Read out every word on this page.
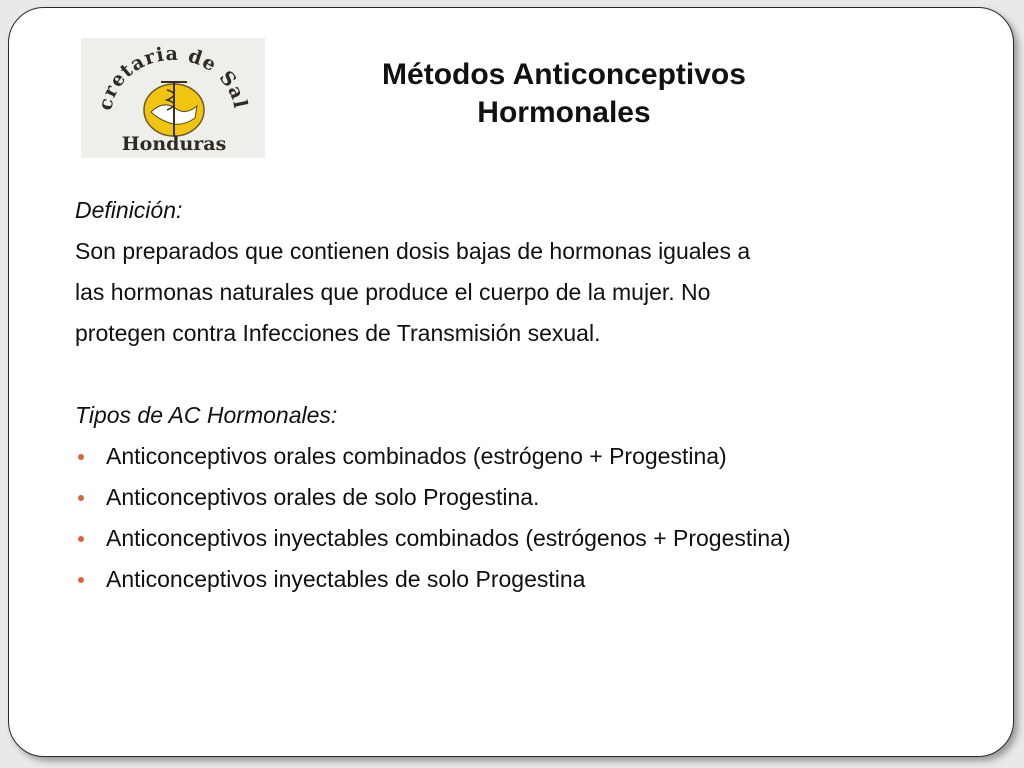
cretaria de Sal
Honduras
Métodos Anticonceptivos
Hormonales

Definición:

Son preparados que contienen dosis bajas de hormonas iguales a
las hormonas naturales que produce el cuerpo de la mujer. No
protegen contra Infecciones de Transmisión sexual.

Tipos de AC Hormonales:

Anticonceptivos orales combinados (estrógeno + Progestina)
Anticonceptivos orales de solo Progestina.
Anticonceptivos inyectables combinados (estrógenos + Progestina)
Anticonceptivos inyectables de solo Progestina
